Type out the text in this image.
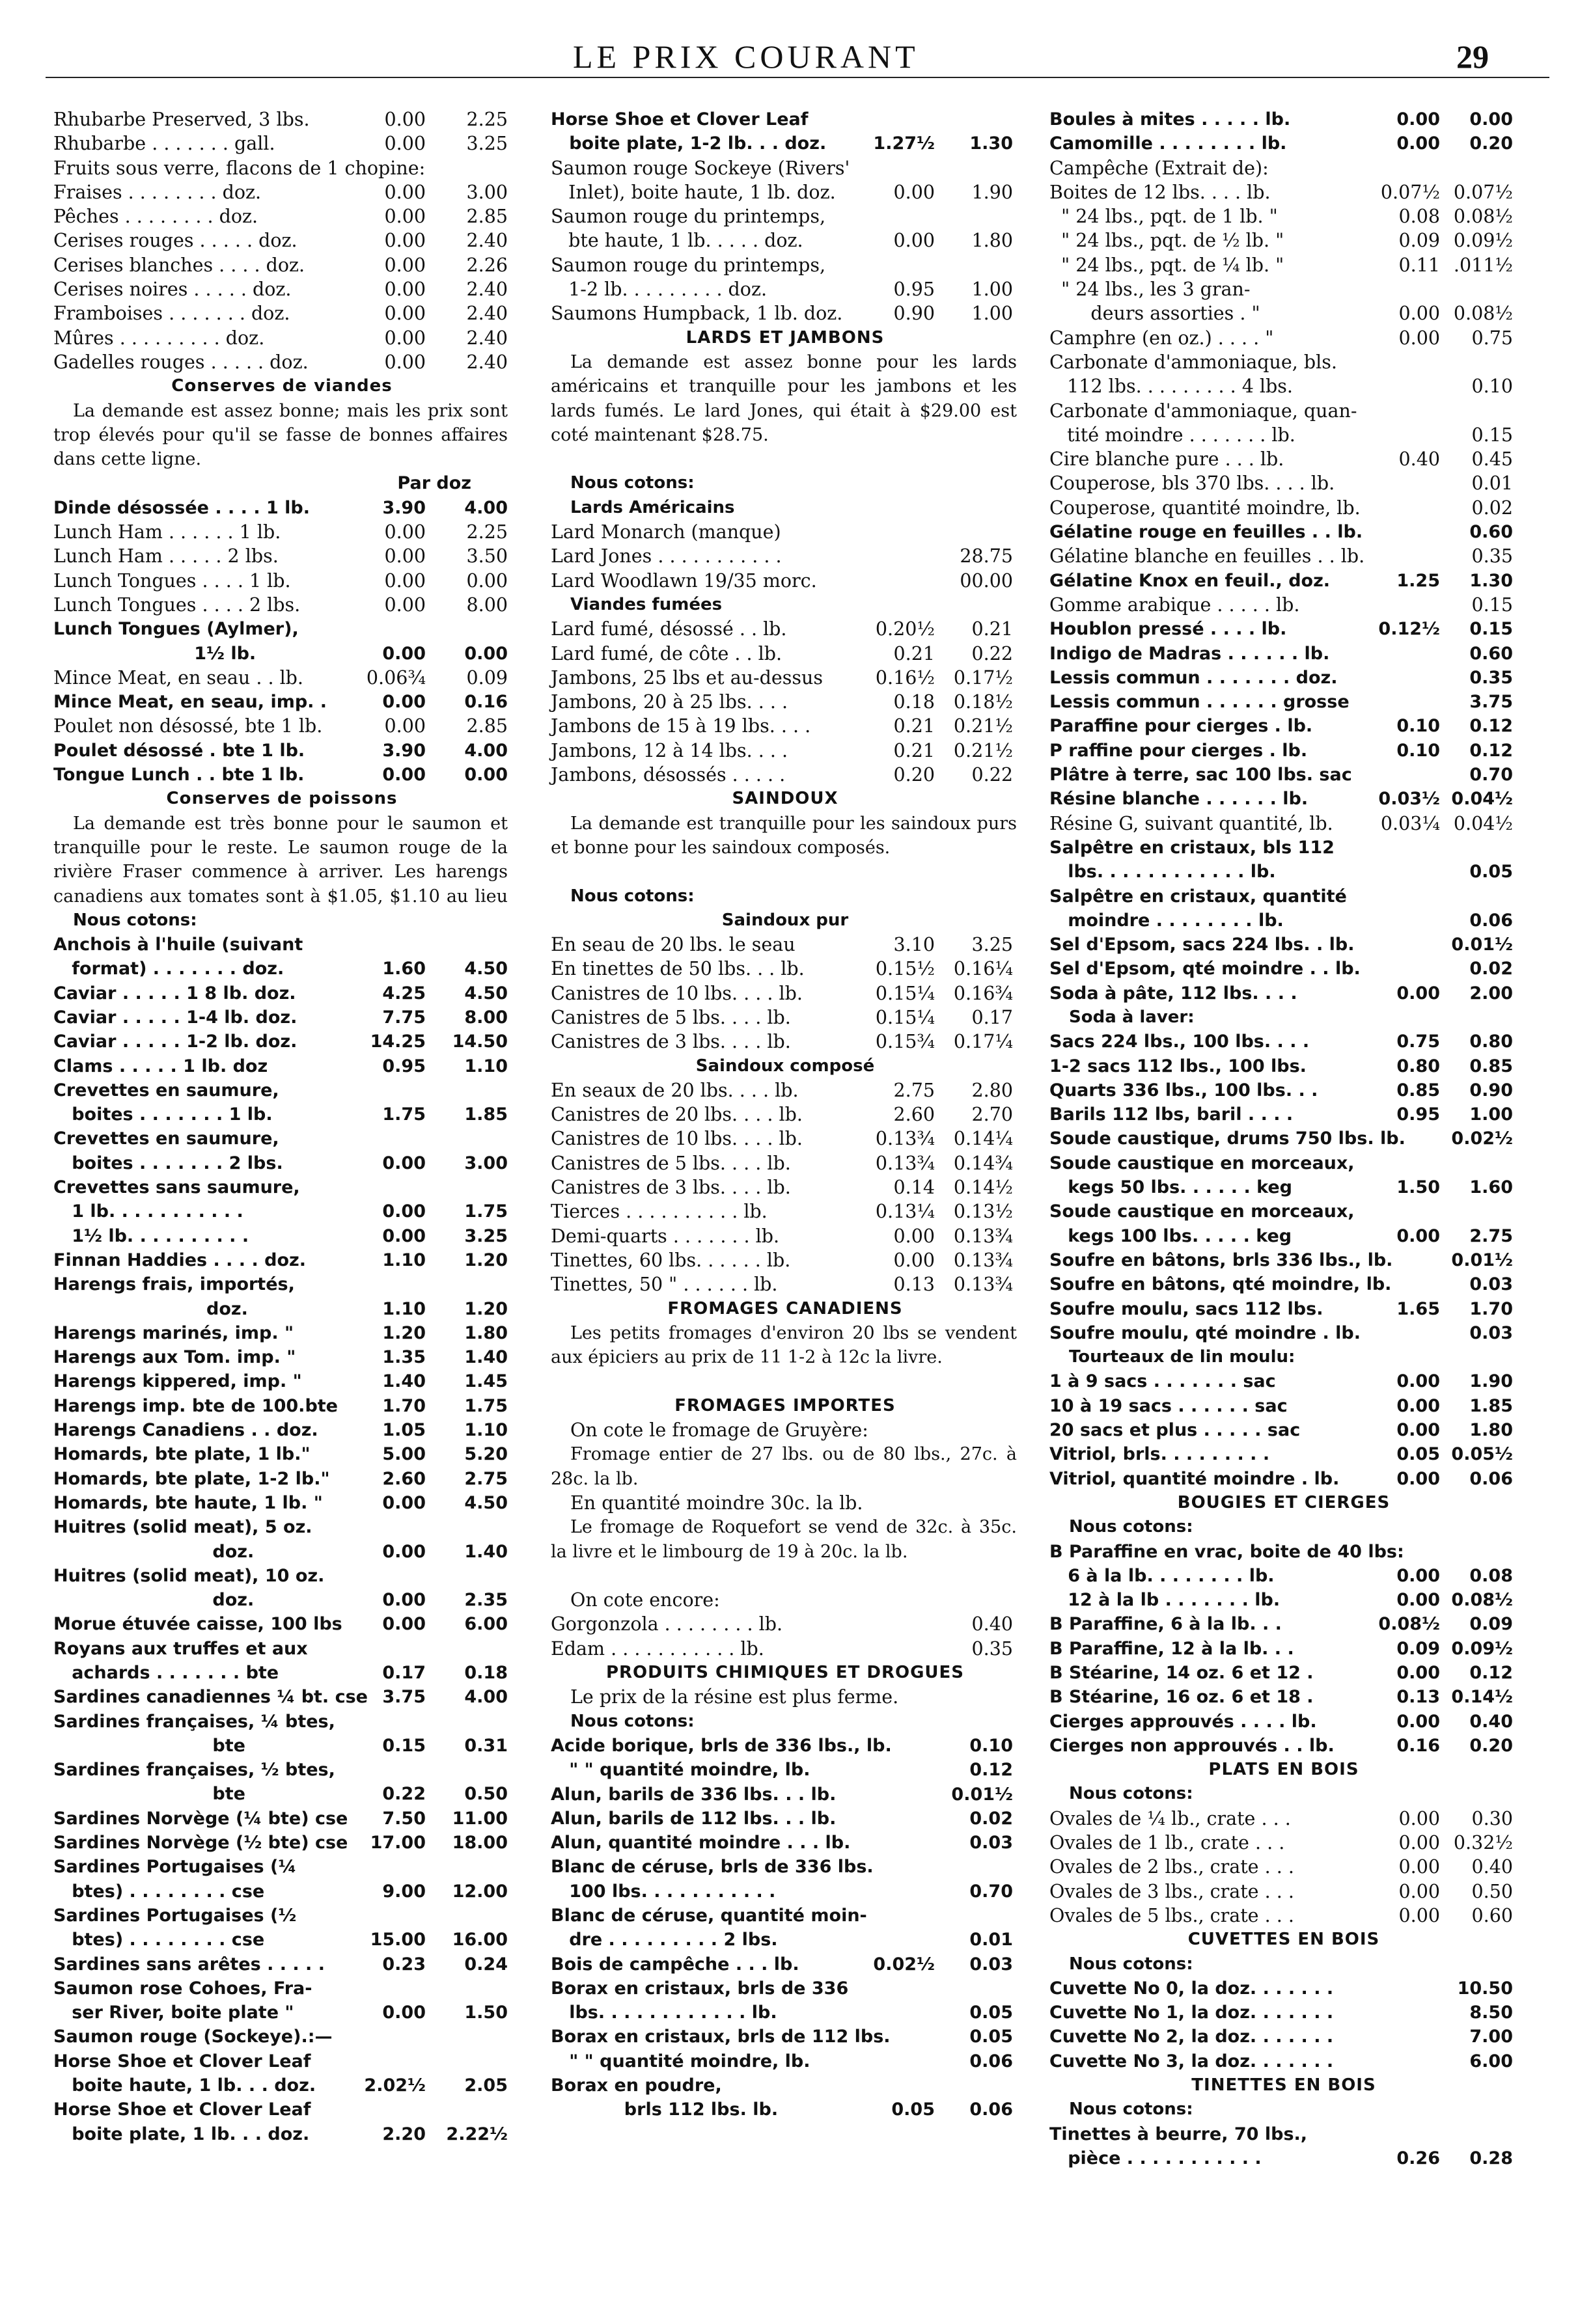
LE PRIX COURANT	29
Rhubarbe Preserved, 3 lbs.	0.00 2.25
Rhubarbe . . . . . . . gall.	0.00 3.25
Fruits sous verre, flacons de 1 chopine:
Fraises . . . . . . . . doz.	0.00 3.00
Pêches . . . . . . . . doz.	0.00 2.85
Cerises rouges . . . . . doz.	0.00 2.40
Cerises blanches . . . . doz.	0.00 2.26
Cerises noires . . . . . doz.	0.00 2.40
Framboises . . . . . . . doz.	0.00 2.40
Mûres . . . . . . . . . doz.	0.00 2.40
Gadelles rouges . . . . . doz.	0.00 2.40
Conserves de viandes

La demande est assez bonne; mais les prix sont trop élevés pour qu'il se fasse de bonnes affaires dans cette ligne.

Par doz
Dinde désossée . . . . 1 lb.	3.90 4.00
Lunch Ham . . . . . . 1 lb.	0.00 2.25
Lunch Ham . . . . . 2 lbs.	0.00 3.50
Lunch Tongues . . . . 1 lb.	0.00 0.00
Lunch Tongues . . . . 2 lbs.	0.00 8.00
Lunch Tongues (Aylmer),
1½ lb.	0.00 0.00
Mince Meat, en seau . . lb.	0.06¾ 0.09
Mince Meat, en seau, imp. .	0.00 0.16
Poulet non désossé, bte 1 lb.	0.00 2.85
Poulet désossé . bte 1 lb.	3.90 4.00
Tongue Lunch . . bte 1 lb.	0.00 0.00
Conserves de poissons

La demande est très bonne pour le saumon et tranquille pour le reste. Le saumon rouge de la rivière Fraser commence à arriver. Les harengs canadiens aux tomates sont à $1.05, $1.10 au lieu

Nous cotons:
Anchois à l'huile (suivant
format) . . . . . . . doz.	1.60 4.50
Caviar . . . . . 1 8 lb. doz.	4.25 4.50
Caviar . . . . . 1-4 lb. doz.	7.75 8.00
Caviar . . . . . 1-2 lb. doz.	14.25 14.50
Clams . . . . . 1 lb. doz	0.95 1.10
Crevettes en saumure,
boites . . . . . . . 1 lb.	1.75 1.85
Crevettes en saumure,
boites . . . . . . . 2 lbs.	0.00 3.00
Crevettes sans saumure,
1 lb. . . . . . . . . . .	0.00 1.75
1½ lb. . . . . . . . . .	0.00 3.25
Finnan Haddies . . . . doz.	1.10 1.20
Harengs frais, importés,
doz.	1.10 1.20
Harengs marinés, imp. "	1.20 1.80
Harengs aux Tom. imp. "	1.35 1.40
Harengs kippered, imp. "	1.40 1.45
Harengs imp. bte de 100.bte	1.70 1.75
Harengs Canadiens . . doz.	1.05 1.10
Homards, bte plate, 1 lb."	5.00 5.20
Homards, bte plate, 1-2 lb."	2.60 2.75
Homards, bte haute, 1 lb. "	0.00 4.50
Huitres (solid meat), 5 oz.
doz.	0.00 1.40
Huitres (solid meat), 10 oz.
doz.	0.00 2.35
Morue étuvée caisse, 100 lbs 0.00 6.00
Royans aux truffes et aux
achards . . . . . . . bte	0.17 0.18
Sardines canadiennes ¼ bt. cse 3.75 4.00
Sardines françaises, ¼ btes,
bte	0.15 0.31
Sardines françaises, ½ btes,
bte	0.22 0.50
Sardines Norvège (¼ bte) cse 7.50 11.00
Sardines Norvège (½ bte) cse 17.00 18.00
Sardines Portugaises (¼
btes) . . . . . . . . cse	9.00 12.00
Sardines Portugaises (½
btes) . . . . . . . . cse	15.00 16.00
Sardines sans arêtes . . . . .	0.23 0.24
Saumon rose Cohoes, Fra-
ser River, boite plate "	0.00 1.50
Saumon rouge (Sockeye).:—
Horse Shoe et Clover Leaf
boite haute, 1 lb. . . doz.	2.02½ 2.05
Horse Shoe et Clover Leaf
boite plate, 1 lb. . . doz.	2.20 2.22½
Horse Shoe et Clover Leaf
boite plate, 1-2 lb. . . doz.	1.27½ 1.30
Saumon rouge Sockeye (Rivers'
Inlet), boite haute, 1 lb. doz.	0.00 1.90
Saumon rouge du printemps,
bte haute, 1 lb. . . . . doz.	0.00 1.80
Saumon rouge du printemps,
1-2 lb. . . . . . . . . doz.	0.95 1.00
Saumons Humpback, 1 lb. doz.	0.90 1.00
LARDS ET JAMBONS

La demande est assez bonne pour les lards américains et tranquille pour les jambons et les lards fumés. Le lard Jones, qui était à $29.00 est coté maintenant $28.75.

Nous cotons:
Lards Américains
Lard Monarch (manque)
Lard Jones . . . . . . . . . . .	28.75
Lard Woodlawn 19/35 morc.	00.00
Viandes fumées
Lard fumé, désossé . . lb.	0.20½ 0.21
Lard fumé, de côte . . lb.	0.21 0.22
Jambons, 25 lbs et au-dessus	0.16½ 0.17½
Jambons, 20 à 25 lbs. . . .	0.18 0.18½
Jambons de 15 à 19 lbs. . . .	0.21 0.21½
Jambons, 12 à 14 lbs. . . .	0.21 0.21½
Jambons, désossés . . . . .	0.20 0.22
SAINDOUX

La demande est tranquille pour les saindoux purs et bonne pour les saindoux composés.

Nous cotons:
Saindoux pur
En seau de 20 lbs. le seau	3.10 3.25
En tinettes de 50 lbs. . . lb.	0.15½ 0.16¼
Canistres de 10 lbs. . . . lb.	0.15¼ 0.16¾
Canistres de 5 lbs. . . . lb.	0.15¼ 0.17
Canistres de 3 lbs. . . . lb.	0.15¾ 0.17¼
Saindoux composé
En seaux de 20 lbs. . . . lb.	2.75 2.80
Canistres de 20 lbs. . . . lb.	2.60 2.70
Canistres de 10 lbs. . . . lb.	0.13¾ 0.14¼
Canistres de 5 lbs. . . . lb.	0.13¾ 0.14¾
Canistres de 3 lbs. . . . lb.	0.14 0.14½
Tierces . . . . . . . . . . lb.	0.13¼ 0.13½
Demi-quarts . . . . . . . lb.	0.00 0.13¾
Tinettes, 60 lbs. . . . . . lb.	0.00 0.13¾
Tinettes, 50 " . . . . . . lb.	0.13 0.13¾
FROMAGES CANADIENS

Les petits fromages d'environ 20 lbs se vendent aux épiciers au prix de 11 1-2 à 12c la livre.

FROMAGES IMPORTES
On cote le fromage de Gruyère:

Fromage entier de 27 lbs. ou de 80 lbs., 27c. à 28c. la lb.

En quantité moindre 30c. la lb.

Le fromage de Roquefort se vend de 32c. à 35c. la livre et le limbourg de 19 à 20c. la lb.

On cote encore:
Gorgonzola . . . . . . . . lb.	0.40
Edam . . . . . . . . . . . lb.	0.35
PRODUITS CHIMIQUES ET DROGUES
Le prix de la résine est plus ferme.
Nous cotons:
Acide borique, brls de 336 lbs., lb.	0.10
" " quantité moindre, lb.	0.12
Alun, barils de 336 lbs. . . lb.	0.01½
Alun, barils de 112 lbs. . . lb.	0.02
Alun, quantité moindre . . . lb.	0.03
Blanc de céruse, brls de 336 lbs.
100 lbs. . . . . . . . . . .	0.70
Blanc de céruse, quantité moin-
dre . . . . . . . . . 2 lbs.	0.01
Bois de campêche . . . lb.	0.02½ 0.03
Borax en cristaux, brls de 336
lbs. . . . . . . . . . . . lb.	0.05
Borax en cristaux, brls de 112 lbs.	0.05
" " quantité moindre, lb.	0.06
Borax en poudre,
brls 112 lbs. lb.	0.05 0.06
Boules à mites . . . . . lb.	0.00 0.00
Camomille . . . . . . . . lb.	0.00 0.20
Campêche (Extrait de):
Boites de 12 lbs. . . . lb.	0.07½ 0.07½
" 24 lbs., pqt. de 1 lb. "	0.08 0.08½
" 24 lbs., pqt. de ½ lb. "	0.09 0.09½
" 24 lbs., pqt. de ¼ lb. "	0.11 .011½
" 24 lbs., les 3 gran-
deurs assorties . "	0.00 0.08½
Camphre (en oz.) . . . . "	0.00 0.75
Carbonate d'ammoniaque, bls.
112 lbs. . . . . . . . . 4 lbs.	0.10
Carbonate d'ammoniaque, quan-
tité moindre . . . . . . . lb.	0.15
Cire blanche pure . . . lb.	0.40 0.45
Couperose, bls 370 lbs. . . . lb.	0.01
Couperose, quantité moindre, lb.	0.02
Gélatine rouge en feuilles . . lb.	0.60
Gélatine blanche en feuilles . . lb.	0.35
Gélatine Knox en feuil., doz.	1.25 1.30
Gomme arabique . . . . . lb.	0.15
Houblon pressé . . . . lb.	0.12½ 0.15
Indigo de Madras . . . . . . lb.	0.60
Lessis commun . . . . . . . doz.	0.35
Lessis commun . . . . . . grosse	3.75
Paraffine pour cierges . lb.	0.10 0.12
P raffine pour cierges . lb.	0.10 0.12
Plâtre à terre, sac 100 lbs. sac	0.70
Résine blanche . . . . . . lb.	0.03½ 0.04½
Résine G, suivant quantité, lb.	0.03¼ 0.04½
Salpêtre en cristaux, bls 112
lbs. . . . . . . . . . . . lb.	0.05
Salpêtre en cristaux, quantité
moindre . . . . . . . . lb.	0.06
Sel d'Epsom, sacs 224 lbs. . lb.	0.01½
Sel d'Epsom, qté moindre . . lb.	0.02
Soda à pâte, 112 lbs. . . .	0.00 2.00
Soda à laver:
Sacs 224 lbs., 100 lbs. . . .	0.75 0.80
1-2 sacs 112 lbs., 100 lbs.	0.80 0.85
Quarts 336 lbs., 100 lbs. . .	0.85 0.90
Barils 112 lbs, baril . . . .	0.95 1.00
Soude caustique, drums 750 lbs. lb.	0.02½
Soude caustique en morceaux,
kegs 50 lbs. . . . . . keg	1.50 1.60
Soude caustique en morceaux,
kegs 100 lbs. . . . . keg	0.00 2.75
Soufre en bâtons, brls 336 lbs., lb.	0.01½
Soufre en bâtons, qté moindre, lb.	0.03
Soufre moulu, sacs 112 lbs.	1.65 1.70
Soufre moulu, qté moindre . lb.	0.03
Tourteaux de lin moulu:
1 à 9 sacs . . . . . . . sac	0.00 1.90
10 à 19 sacs . . . . . . sac	0.00 1.85
20 sacs et plus . . . . . sac	0.00 1.80
Vitriol, brls. . . . . . . . .	0.05 0.05½
Vitriol, quantité moindre . lb.	0.00 0.06
BOUGIES ET CIERGES
Nous cotons:
B Paraffine en vrac, boite de 40 lbs:
6 à la lb. . . . . . . . lb.	0.00 0.08
12 à la lb . . . . . . . lb.	0.00 0.08½
B Paraffine, 6 à la lb. . .	0.08½ 0.09
B Paraffine, 12 à la lb. . .	0.09 0.09½
B Stéarine, 14 oz. 6 et 12 .	0.00 0.12
B Stéarine, 16 oz. 6 et 18 .	0.13 0.14½
Cierges approuvés . . . . lb.	0.00 0.40
Cierges non approuvés . . lb.	0.16 0.20
PLATS EN BOIS
Nous cotons:
Ovales de ¼ lb., crate . . .	0.00 0.30
Ovales de 1 lb., crate . . .	0.00 0.32½
Ovales de 2 lbs., crate . . .	0.00 0.40
Ovales de 3 lbs., crate . . .	0.00 0.50
Ovales de 5 lbs., crate . . .	0.00 0.60
CUVETTES EN BOIS
Nous cotons:
Cuvette No 0, la doz. . . . . . .	10.50
Cuvette No 1, la doz. . . . . . .	8.50
Cuvette No 2, la doz. . . . . . .	7.00
Cuvette No 3, la doz. . . . . . .	6.00
TINETTES EN BOIS
Nous cotons:
Tinettes à beurre, 70 lbs.,
pièce . . . . . . . . . . .	0.26 0.28
